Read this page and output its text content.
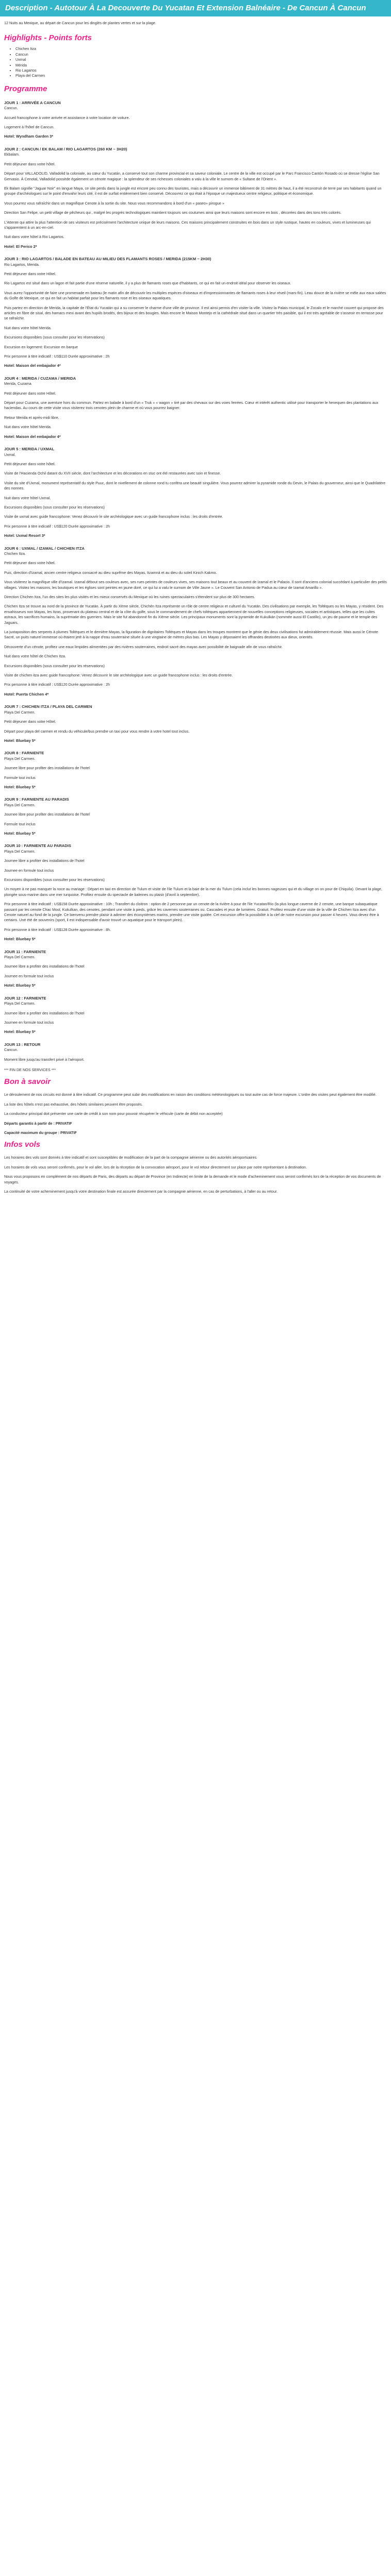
Description - Autotour À La Decouverte Du Yucatan Et Extension Balnéaire - De Cancun À Cancun
12 Nuits au Mexique, au départ de Cancun pour les dinglés de plantes vertes et sur la plage.
Highlights - Points forts
• Chichen Itza
• Cancun
• Uxmal
• Mérida
• Rio Lagartos
• Playa del Carmen
Programme
JOUR 1 : ARRIVÉE A CANCUN
Cancun.

Accueil francophone à votre arrivée et assistance à votre location de voiture.

Logement à l'hôtel de Cancun.

Hotel: Wyndham Garden 3*
JOUR 2 : CANCUN / EK BALAM / RIO LAGARTOS (260 KM ~ 3H20)
Ekbalam.

Petit déjeuner dans votre hôtel.

Départ pour VALLADOLID. Valladolid la coloniale, au cœur du Yucatán, a conservé tout son charme provincial et sa saveur coloniale. Le centre de la ville est occupé par le Parc Francisco Cantón Rosado où se dresse l'église San Gervasio. À Cenotal, Valladolid possède également un cénote magique : la splendeur de ses richesses coloniales a valu à la ville le surnom de « Sultane de l'Orient ».

Ek Balam signifie "Jaguar Noir" en langue Maya, ce site perdu dans la jungle est encore peu connu des touristes, mais a découvrir un immense bâtiment de 31 mètres de haut, il a été reconstruit de terre par ses habitants quand un groupe d'archéologues sur le point d'envahir leurs cité, il est de surfait entièrement bien conservé. Découvrez ce qui était à l'époque un majestueux centre religieux, politique et économique.

Vous pourrez vous rafraîchir dans un magnifique Cenote à la sortie du site. Nous vous recommandons à bord d'un « paseo» pirogue »

Direction San Felipe, un petit village de pêcheurs qui , malgré les progrès technologiques maintient toujours ses coutumes ainsi que leurs maisons sont encore en bois , décorées dans des tons très colorés.

L'Attente qui attire la plus l'attention de ses visiteurs est précisément l'architecture unique de leurs maisons. Ces maisons principalement construites en bois dans un style rustique, hautes en couleurs, vives et lumineuses qui s'apparentent à un arc-en-ciel.

Nuit dans votre hôtel à Rio Lagartos.

Hotel: El Perico 2*
JOUR 3 : RIO LAGARTOS / BALADE EN BATEAU AU MILIEU DES FLAMANTS ROSES / MERIDA (215KM ~ 2H30)
Rio Lagartos, Merida.

Petit déjeuner dans votre Hôtel.

Rio Lagartos est situé dans un lagon et fait partie d'une réserve naturelle, il y a plus de flamants roses que d'habitants, ce qui en fait un endroit idéal pour observer les oiseaux.

Vous aurez l'opportunité de faire une promenade en bateau (le matin afin de découvrir les multiples espèces d'oiseaux et d'impressionnantes de flamants roses à leur réveil (mars-fin). Leau douce de la rivière se mêle aux eaux salées du Golfe de Mexique, ce qui en fait un habitat parfait pour les flamants rose et les oiseaux aquatiques.

Puis partez en direction de Merida, la capitale de l'État du Yucatán qui a su conserver le charme d'une ville de province. Il est ainsi permis d'en visiter la ville. Visitez la Palais municipal, le Zocalo et le marché couvert qui propose des articles en fibre de sisal, des hamacs mexi avant des hupiils brodés, des bijoux et des bougies. Mais encore le Maison Montejo et la cathédrale situé dans un quartier très paisible, qui il est très agréable de s'asseoir en terrasse pour se rafraîchir.

Nuit dans votre hôtel Merida.

Excursions disponibles (sous consulter pour les réservations)

Excursion en logement: Excursion en barque

Prix personne à titre indicatif : US$110 Durée approximative : 2h

Hotel: Maison del embajador 4*
JOUR 4 : MERIDA / CUZAMA / MERIDA
Merida, Cuzama

Petit déjeuner dans votre Hôtel.

Départ pour Cuzama, une aventure hors du commun. Partez en balade à bord d'un « Truk » « wagon » tiré par des chevaux sur des voies ferrées. Cœur et intérêt authentic utilisé pour transporter le henequen des plantations aux haciendas. Au cours de cette visite vous visiterez trois cenotes plein de charme et où vous pourrez baigner.

Retour Merida et après-midi libre.

Nuit dans votre hôtel Merida.

Hotel: Maison del embajador 4*
JOUR 5 : MERIDA / UXMAL
Uxmal.

Petit déjeuner dans votre hôtel.

Visite de l'Hacienda Ochil datant du XVII siècle, dont l'architecture et les décorations en stuc ont été restaurées avec soin et finesse.

Visite du site d'Uxmal, monument représentatif du style Puuc, dont le nivellement de colonne rond tu conféra une beauté singulière. Vous pourrez admirer la pyramide ronde du Devin, le Palais du gouverneur, ainsi que le Quadrilatère des nonnes.

Nuit dans votre hôtel Uxmal.

Excursions disponibles (sous consulter pour les réservations)

Visite de uxmal avec guide francophone: Venez découvrir le site archéologique avec un guide francophone inclus : les droits d'entrée.

Prix personne à titre indicatif : US$120 Durée approximative : 2h

Hotel: Uxmal Resort 3*
JOUR 6 : UXMAL / IZAMAL / CHICHEN ITZA
Chichen Itza.

Petit déjeuner dans votre hôtel.

Puis, direction d'Izamal, ancien centre religieux consacré au dieu suprême des Mayas, Itzamná et au dieu du soleil Kinich Kakmo.

Vous visiterez la magnifique ville d'Izamal. Izamal débout ses couleurs avec, ses rues peintes de couleurs vives, ses maisons tout beaux et au couvent de Izamal et le Palacio. Il sont d'anciens colonial succédant à particulier des petits villages. Visitez les maisons, les boutiques et les églises sont peintes en jaune doré, ce qui lui a valu le surnom de Ville Jaune ». Le Couvent San Antonio de Padua au cœur de Izamal Amarillo ».

Direction Chichen Itza, l'un des sites les plus visités et les mieux conservés du Mexique où les ruines spectaculaires s'étendent sur plus de 300 hectares.

Chichen Itza se trouve au nord de la province de Yucatán. À partir du Xème siècle, Chichén Itza représente un rôle de centre religieux et culturel du Yucatán. Des civilisations par exemple, les Toltèques ou les Mayas, y résident. Des envahisseurs non Mayas, les Itzas, provenant du plateau central et de la côte du golfe, sous le commandement de chefs toltèques appartiennent de nouvelles conceptions religieuses, sociales et artistiques, telles que les cultes astraux, les sacrifices humains, la suprématie des guerriers. Mais le site fut abandonné fin du XIème siècle. Les principaux monuments sont la pyramide de Kukulkán (nommée aussi El Castillo), un jeu de paume et le temple des Jaguars.

La juxtaposition des serpents à plumes Toltèques et le dernière Mayas, la figuration de dignitaires Toltèques et Mayas dans les troupes montrent que le génie des deux civilisations fut admirablement réussie. Mais aussi le Cénote Sacré, un puits naturel immense où étaient jeté à la nappe d'eau souterraine située à une vingtaine de mètres plus bas. Les Mayas y déposaient les offrandes destinées aux dieux, orientés.

Découverte d'un cénote, profitez une eaux limpides alimentées par des rivières souterraines, endroit sacré des mayas avec possibilité de baignade afin de vous rafraîchir.

Nuit dans votre hôtel de Chichen Itza.

Excursions disponibles (sous consulter pour les réservations)

Visite de chichen itza avec guide francophone: Venez découvrir le site archéologique avec un guide francophone inclus : les droits d'entrée.

Prix personne à titre indicatif : US$120 Durée approximative : 2h

Hotel: Puerta Chichen 4*
JOUR 7 : CHICHEN ITZA / PLAYA DEL CARMEN
Playa Del Carmen.

Petit déjeuner dans votre Hôtel.

Départ pour playa del carmen et rendu du véhicule/bus prendre un taxi pour vous rendre à votre hotel tout inclus.

Hotel: Bluebay 5*
JOUR 8 : FARNIENTE
Playa Del Carmen.

Journee libre pour profiter des installations de l'hotel

Formule tout inclus

Hotel: Bluebay 5*
JOUR 9 : FARNIENTE AU PARADIS
Playa Del Carmen.

Journee libre pour profiter des installations de l'hotel

Formule tout inclus

Hotel: Bluebay 5*
JOUR 10 : FARNIENTE AU PARADIS
Playa Del Carmen.

Journee libre a profiter des installations de l'hotel

Journee en formule tout inclus

Excursions disponibles (sous consulter pour les réservations)

Un moyen à ne pas manquer la noce au mariage : Départ en taxi en direction de Tulum et visite de l'ile Tulum et la baie de la mer du Tulum (cela inclut les bonnes nageuses qui et du village on on pour de Chiquila). Devant la plage, plongée sous-marine dans une mer turquoise. Profitez ensuite du spectacle de baleines ou plaisir (d'avril à septembre).

Prix personne à titre indicatif : US$158 Durée approximative : 10h ; Transfert du cloitron : option de 2 personne par un cenote de la rivière à pour de l'ile Yucatan/Rio (la plus longue caverne de 2 cenote, une barque subaquatique passant par les cenote Chac Mool, Kukulkan, des cenotes, pendant une visite à pieds, grâce les cavernes souterraines ou. Cascades et jeux de lumières. Gratuit. Profitez ensuite d'une visite de la ville de Chichen Itza avec d'un Cenote naturel au fond de la jungle. Ce bienvenu prendre plaisir à admirer des écosystèmes marins, prendre une visite guidée. Cet excursion offre la possibilité à la clef de notre excursion pour passer 4 heures. Vous devez être à certains. Uné été de souvenirs (sport, il est indispensable d'avoir trouvé un aquatique pour le transport plein).

Prix personne à titre indicatif : US$128 Durée approximative : 8h.

Hotel: Bluebay 5*
JOUR 11 : FARNIENTE
Playa Del Carmen.

Journee libre a profiter des installations de l'hotel

Journee en formule tout inclus

Hotel: Bluebay 5*
JOUR 12 : FARNIENTE
Playa Del Carmen.

Journee libre a profiter des installations de l'hotel

Journee en formule tout inclus

Hotel: Bluebay 5*
JOUR 13 : RETOUR
Cancun.

Moment libre jusqu'au transfert privé à l'aéroport.

*** FIN DE NOS SERVICES ***

Bon à savoir

Le déroulement de nos circuits est donné à titre indicatif. Ce programme peut subir des modifications en raison des conditions météorologiques ou tout autre cas de force majeure. L'ordre des visites peut également être modifié.

La liste des hôtels n'est pas exhaustive, des hôtels similaires peuvent être proposés.

La conducteur principal doit présenter une carte de crédit à son nom pour pouvoir récupérer le véhicule (carte de débit non acceptée)

Départs garantis à partir de : PRIVATIF

Capacité maximum du groupe : PRIVATIF

Infos vols

Les horaires des vols sont donnés à titre indicatif et sont susceptibles de modification de la part de la compagnie aérienne ou des autorités aéroportuaires.

Les horaires de vols vous seront confirmés, pour le vol aller, lors de la réception de la convocation aéroport, pour le vol retour directement sur place par notre représentant à destination.

Nous vous proposons en complément de nos départs de Paris, des départs au départ de Province (en Indirecte) en limite de la demande et le mode d'acheminement vous seront confirmés lors de la réception de vos documents de voyages.

La continuité de votre acheminement jusqu'à votre destination finale est assurée directement par la compagnie aérienne, en cas de perturbations, à l'aller ou au retour.
